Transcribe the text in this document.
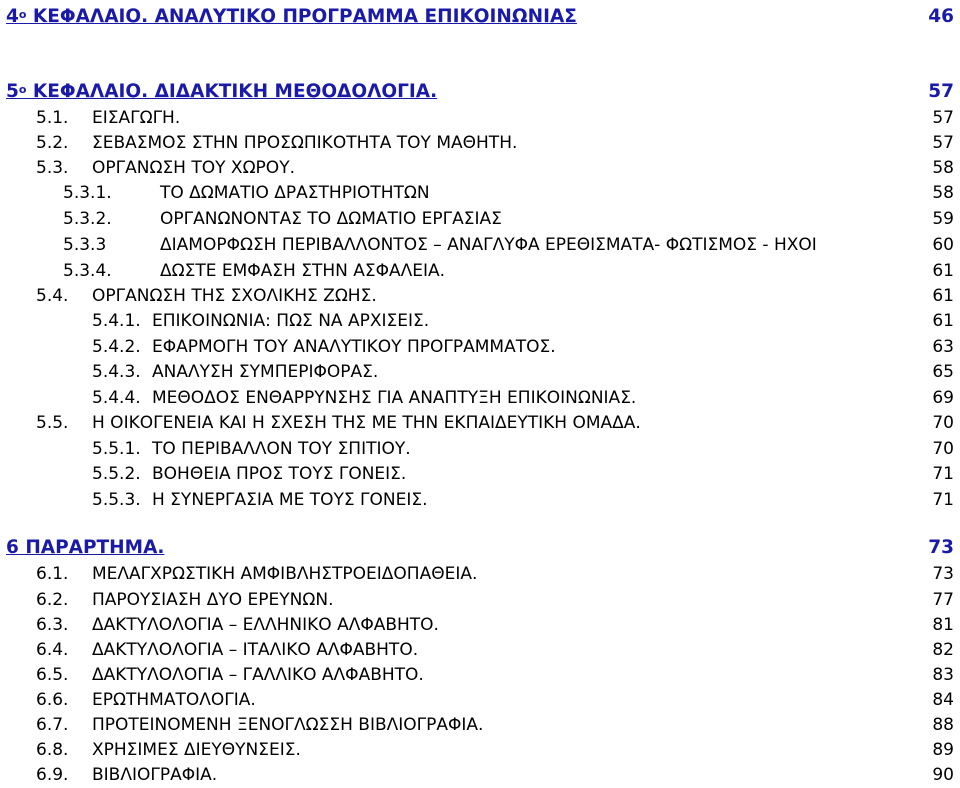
$4^o$ ΚΕΦΑΛΑΙΟ. ΑΝΑΛΥΤΙΚΟ ΠΡΟΓΡΑΜΜΑ ΕΠΙΚΟΙΝΩΝΙΑΣ	46
$5^o$ ΚΕΦΑΛΑΙΟ. ΔΙΔΑΚΤΙΚΗ ΜΕΘΟΔΟΛΟΓΙΑ.	57
5.1. ΕΙΣΑΓΩΓΗ.	57
5.2. ΣΕΒΑΣΜΟΣ ΣΤΗΝ ΠΡΟΣΩΠΙΚΟΤΗΤΑ ΤΟΥ ΜΑΘΗΤΗ.	57
5.3. ΟΡΓΑΝΩΣΗ ΤΟΥ ΧΩΡΟΥ.	58
5.3.1.	ΤΟ ΔΩΜΑΤΙΟ ΔΡΑΣΤΗΡΙΟΤΗΤΩΝ	58
5.3.2.	ΟΡΓΑΝΩΝΟΝΤΑΣ ΤΟ ΔΩΜΑΤΙΟ ΕΡΓΑΣΙΑΣ	59
5.3.3	ΔΙΑΜΟΡΦΩΣΗ ΠΕΡΙΒΑΛΛΟΝΤΟΣ – ΑΝΑΓΛΥΦΑ ΕΡΕΘΙΣΜΑΤΑ- ΦΩΤΙΣΜΟΣ - ΗΧΟΙ	60
5.3.4.	ΔΩΣΤΕ ΕΜΦΑΣΗ ΣΤΗΝ ΑΣΦΑΛΕΙΑ.	61
5.4. ΟΡΓΑΝΩΣΗ ΤΗΣ ΣΧΟΛΙΚΗΣ ΖΩΗΣ.	61
5.4.1. ΕΠΙΚΟΙΝΩΝΙΑ: ΠΩΣ ΝΑ ΑΡΧΙΣΕΙΣ.	61
5.4.2. ΕΦΑΡΜΟΓΗ ΤΟΥ ΑΝΑΛΥΤΙΚΟΥ ΠΡΟΓΡΑΜΜΑΤΟΣ.	63
5.4.3. ΑΝΑΛΥΣΗ ΣΥΜΠΕΡΙΦΟΡΑΣ.	65
5.4.4. ΜΕΘΟΔΟΣ ΕΝΘΑΡΡΥΝΣΗΣ ΓΙΑ ΑΝΑΠΤΥΞΗ ΕΠΙΚΟΙΝΩΝΙΑΣ.	69
5.5. Η ΟΙΚΟΓΕΝΕΙΑ ΚΑΙ Η ΣΧΕΣΗ ΤΗΣ ΜΕ ΤΗΝ ΕΚΠΑΙΔΕΥΤΙΚΗ ΟΜΑΔΑ.	70
5.5.1. ΤΟ ΠΕΡΙΒΑΛΛΟΝ ΤΟΥ ΣΠΙΤΙΟΥ.	70
5.5.2. ΒΟΗΘΕΙΑ ΠΡΟΣ ΤΟΥΣ ΓΟΝΕΙΣ.	71
5.5.3. Η ΣΥΝΕΡΓΑΣΙΑ ΜΕ ΤΟΥΣ ΓΟΝΕΙΣ.	71
6 ΠΑΡΑΡΤΗΜΑ.	73
6.1. ΜΕΛΑΓΧΡΩΣΤΙΚΗ ΑΜΦΙΒΛΗΣΤΡΟΕΙΔΟΠΑΘΕΙΑ.	73
6.2. ΠΑΡΟΥΣΙΑΣΗ ΔΥΟ ΕΡΕΥΝΩΝ.	77
6.3. ΔΑΚΤΥΛΟΛΟΓΙΑ – ΕΛΛΗΝΙΚΟ ΑΛΦΑΒΗΤΟ.	81
6.4. ΔΑΚΤΥΛΟΛΟΓΙΑ – ΙΤΑΛΙΚΟ ΑΛΦΑΒΗΤΟ.	82
6.5. ΔΑΚΤΥΛΟΛΟΓΙΑ – ΓΑΛΛΙΚΟ ΑΛΦΑΒΗΤΟ.	83
6.6. ΕΡΩΤΗΜΑΤΟΛΟΓΙΑ.	84
6.7. ΠΡΟΤΕΙΝΟΜΕΝΗ ΞΕΝΟΓΛΩΣΣΗ ΒΙΒΛΙΟΓΡΑΦΙΑ.	88
6.8. ΧΡΗΣΙΜΕΣ ΔΙΕΥΘΥΝΣΕΙΣ.	89
6.9. ΒΙΒΛΙΟΓΡΑΦΙΑ.	90
